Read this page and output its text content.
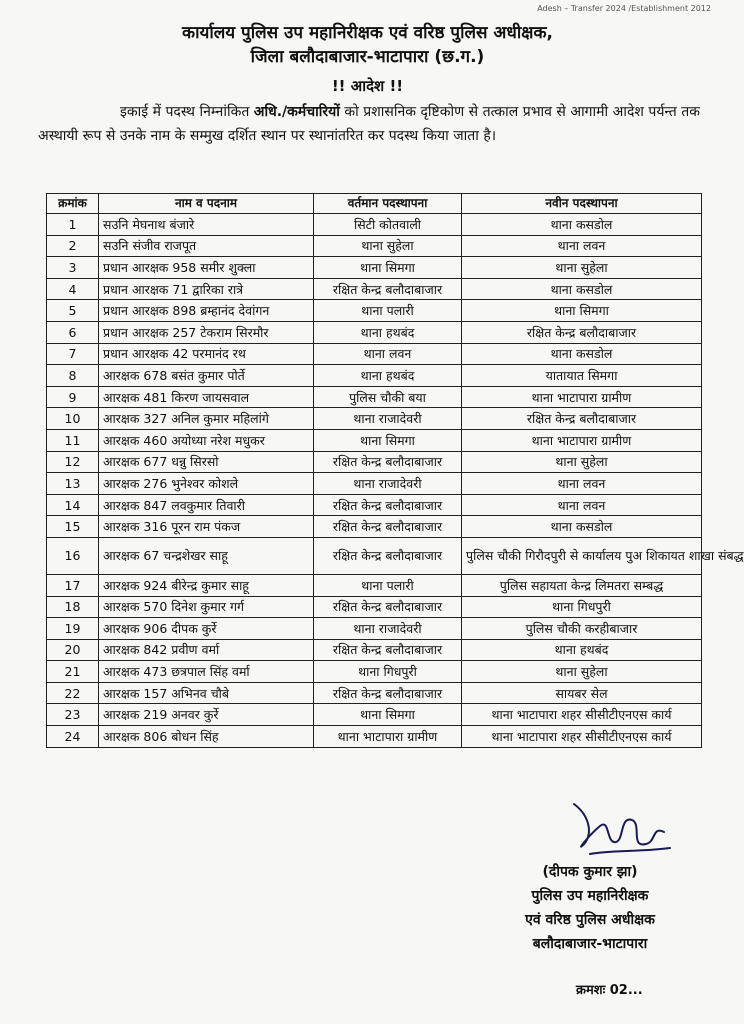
Adesh – Transfer 2024 /Establishment 2012
कार्यालय पुलिस उप महानिरीक्षक एवं वरिष्ठ पुलिस अधीक्षक,
जिला बलौदाबाजार-भाटापारा (छ.ग.)
!! आदेश !!
इकाई में पदस्थ निम्नांकित अधि./कर्मचारियों को प्रशासनिक दृष्टिकोण से तत्काल प्रभाव से आगामी आदेश पर्यन्त तक अस्थायी रूप से उनके नाम के सम्मुख दर्शित स्थान पर स्थानांतरित कर पदस्थ किया जाता है।
क्रमांक	नाम व पदनाम	वर्तमान पदस्थापना	नवीन पदस्थापना
1	सउनि मेघनाथ बंजारे	सिटी कोतवाली	थाना कसडोल
2	सउनि संजीव राजपूत	थाना सुहेला	थाना लवन
3	प्रधान आरक्षक 958 समीर शुक्ला	थाना सिमगा	थाना सुहेला
4	प्रधान आरक्षक 71 द्वारिका रात्रे	रक्षित केन्द्र बलौदाबाजार	थाना कसडोल
5	प्रधान आरक्षक 898 ब्रम्हानंद देवांगन	थाना पलारी	थाना सिमगा
6	प्रधान आरक्षक 257 टेकराम सिरमौर	थाना हथबंद	रक्षित केन्द्र बलौदाबाजार
7	प्रधान आरक्षक 42 परमानंद रथ	थाना लवन	थाना कसडोल
8	आरक्षक 678 बसंत कुमार पोर्ते	थाना हथबंद	यातायात सिमगा
9	आरक्षक 481 किरण जायसवाल	पुलिस चौकी बया	थाना भाटापारा ग्रामीण
10	आरक्षक 327 अनिल कुमार महिलांगे	थाना राजादेवरी	रक्षित केन्द्र बलौदाबाजार
11	आरक्षक 460 अयोध्या नरेश मधुकर	थाना सिमगा	थाना भाटापारा ग्रामीण
12	आरक्षक 677 धन्नु सिरसो	रक्षित केन्द्र बलौदाबाजार	थाना सुहेला
13	आरक्षक 276 भुनेश्वर कोशले	थाना राजादेवरी	थाना लवन
14	आरक्षक 847 लवकुमार तिवारी	रक्षित केन्द्र बलौदाबाजार	थाना लवन
15	आरक्षक 316 पूरन राम पंकज	रक्षित केन्द्र बलौदाबाजार	थाना कसडोल
16	आरक्षक 67 चन्द्रशेखर साहू	रक्षित केन्द्र बलौदाबाजार	पुलिस चौकी गिरौदपुरी से कार्यालय पुअ शिकायत शाखा संबद्ध
17	आरक्षक 924 बीरेन्द्र कुमार साहू	थाना पलारी	पुलिस सहायता केन्द्र लिमतरा सम्बद्ध
18	आरक्षक 570 दिनेश कुमार गर्ग	रक्षित केन्द्र बलौदाबाजार	थाना गिधपुरी
19	आरक्षक 906 दीपक कुर्रे	थाना राजादेवरी	पुलिस चौकी करहीबाजार
20	आरक्षक 842 प्रवीण वर्मा	रक्षित केन्द्र बलौदाबाजार	थाना हथबंद
21	आरक्षक 473 छत्रपाल सिंह वर्मा	थाना गिधपुरी	थाना सुहेला
22	आरक्षक 157 अभिनव चौबे	रक्षित केन्द्र बलौदाबाजार	सायबर सेल
23	आरक्षक 219 अनवर कुर्रे	थाना सिमगा	थाना भाटापारा शहर सीसीटीएनएस कार्य
24	आरक्षक 806 बोधन सिंह	थाना भाटापारा ग्रामीण	थाना भाटापारा शहर सीसीटीएनएस कार्य
(दीपक कुमार झा)
पुलिस उप महानिरीक्षक
एवं वरिष्ठ पुलिस अधीक्षक
बलौदाबाजार-भाटापारा
क्रमशः 02...
